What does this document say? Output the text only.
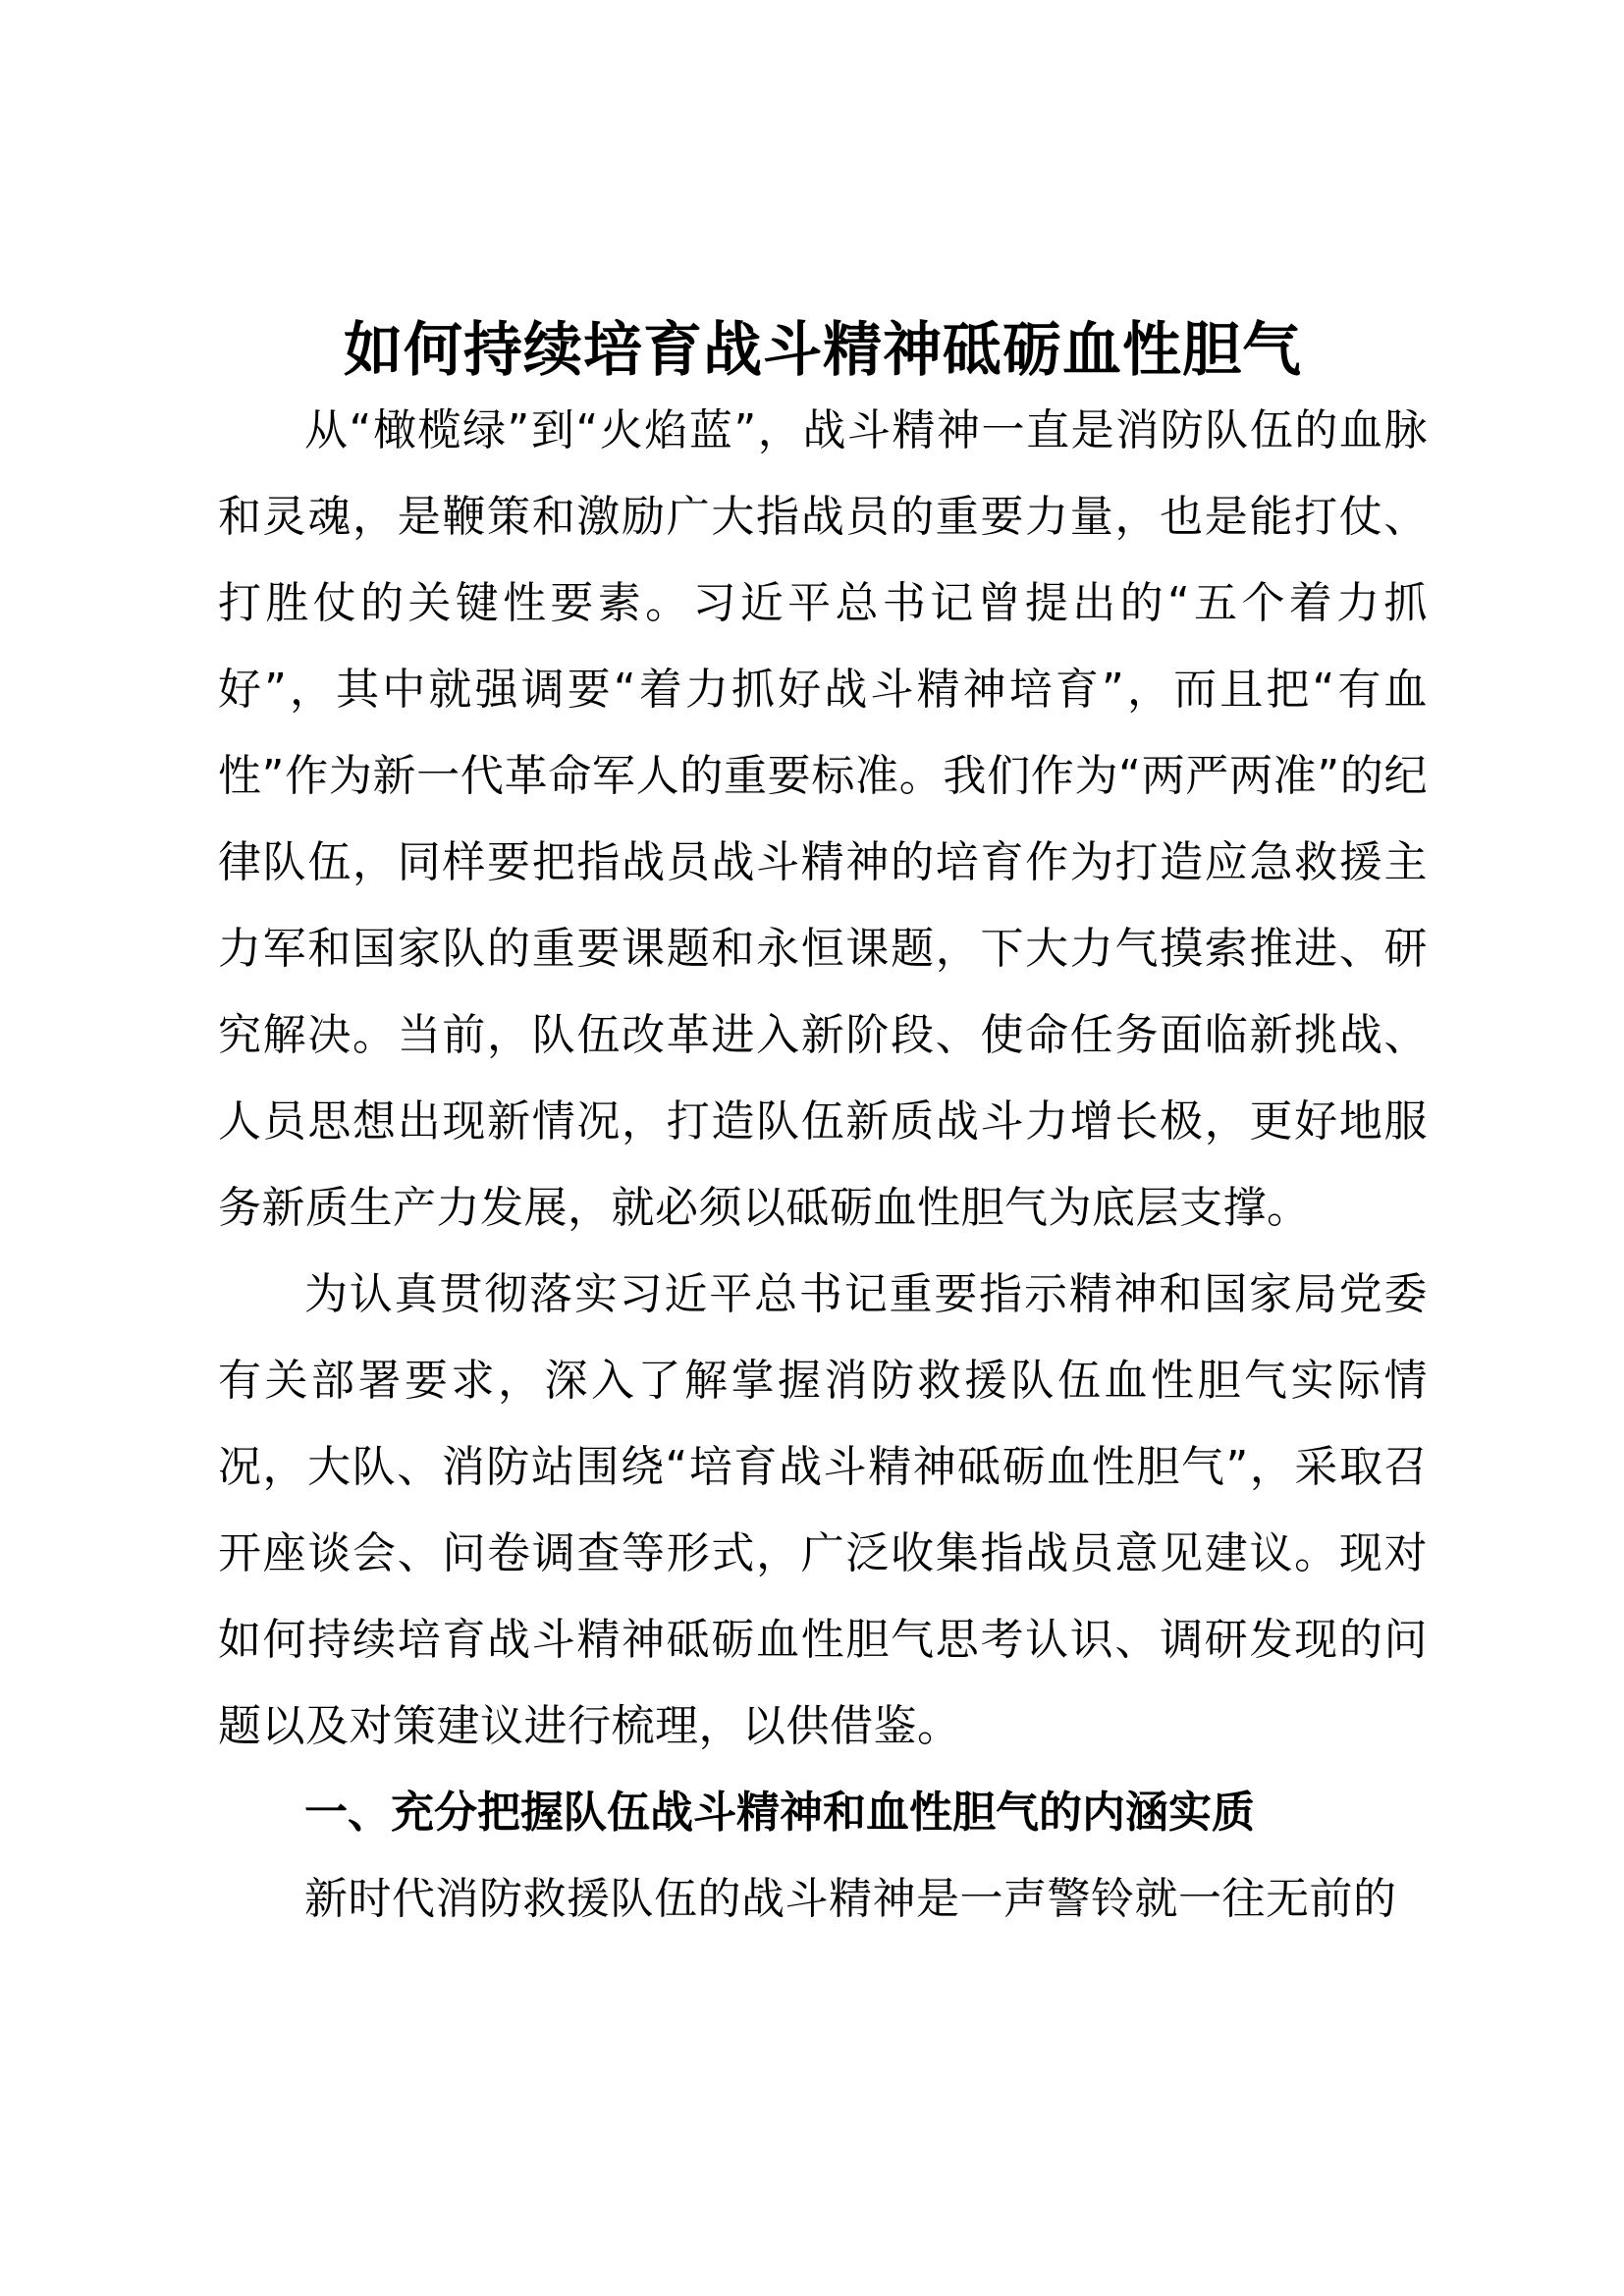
如何持续培育战斗精神砥砺血性胆气

从“橄榄绿”到“火焰蓝”，战斗精神一直是消防队伍的血脉和灵魂，是鞭策和激励广大指战员的重要力量，也是能打仗、打胜仗的关键性要素。习近平总书记曾提出的“五个着力抓好”，其中就强调要“着力抓好战斗精神培育”，而且把“有血性”作为新一代革命军人的重要标准。我们作为“两严两准”的纪律队伍，同样要把指战员战斗精神的培育作为打造应急救援主力军和国家队的重要课题和永恒课题，下大力气摸索推进、研究解决。当前，队伍改革进入新阶段、使命任务面临新挑战、人员思想出现新情况，打造队伍新质战斗力增长极，更好地服务新质生产力发展，就必须以砥砺血性胆气为底层支撑。

为认真贯彻落实习近平总书记重要指示精神和国家局党委有关部署要求，深入了解掌握消防救援队伍血性胆气实际情况，大队、消防站围绕“培育战斗精神砥砺血性胆气”，采取召开座谈会、问卷调查等形式，广泛收集指战员意见建议。现对如何持续培育战斗精神砥砺血性胆气思考认识、调研发现的问题以及对策建议进行梳理，以供借鉴。

一、充分把握队伍战斗精神和血性胆气的内涵实质

新时代消防救援队伍的战斗精神是一声警铃就一往无前的
